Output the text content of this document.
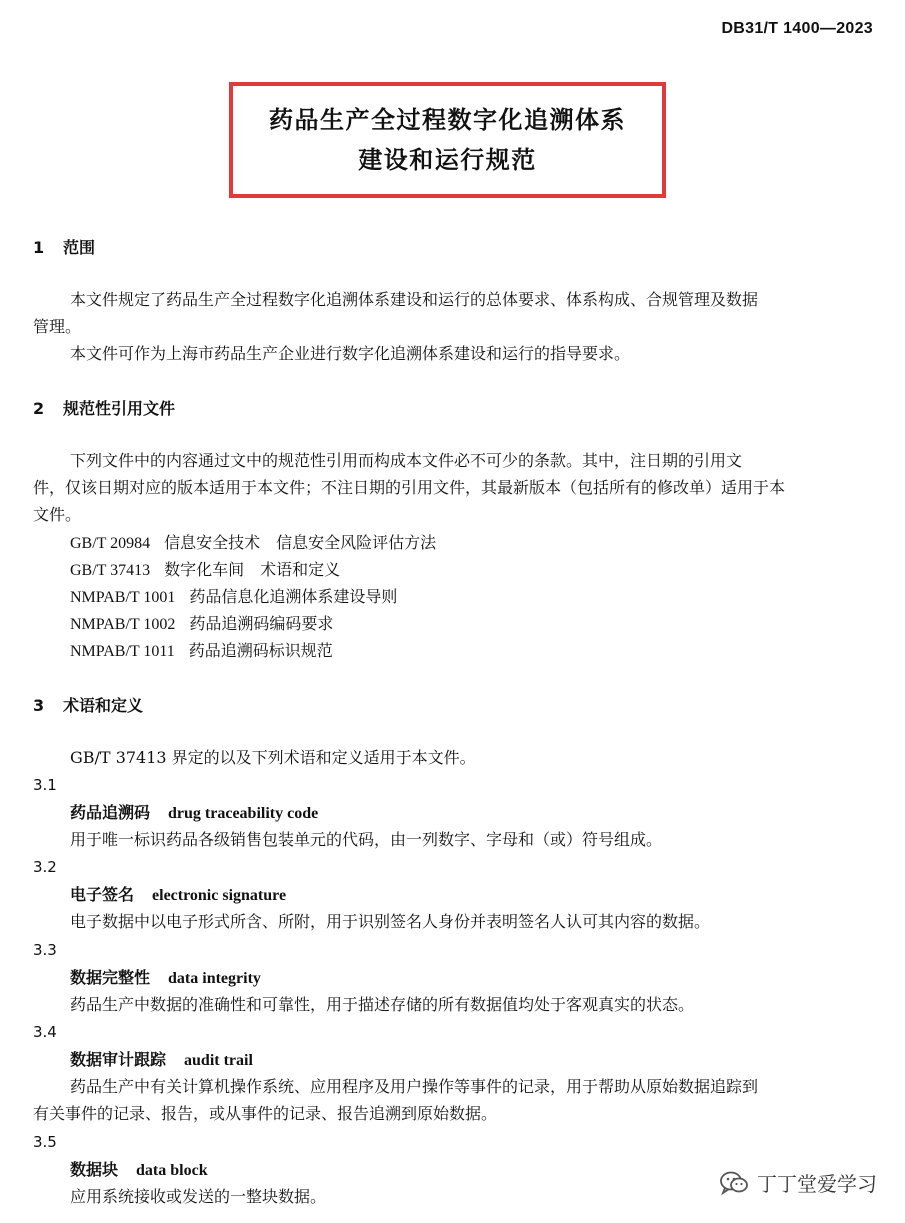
DB31/T 1400—2023
药品生产全过程数字化追溯体系
建设和运行规范
1 范围
本文件规定了药品生产全过程数字化追溯体系建设和运行的总体要求、体系构成、合规管理及数据
管理。
本文件可作为上海市药品生产企业进行数字化追溯体系建设和运行的指导要求。
2 规范性引用文件
下列文件中的内容通过文中的规范性引用而构成本文件必不可少的条款。其中，注日期的引用文
件，仅该日期对应的版本适用于本文件；不注日期的引用文件，其最新版本（包括所有的修改单）适用于本
文件。
GB/T 20984 信息安全技术　信息安全风险评估方法
GB/T 37413 数字化车间　术语和定义
NMPAB/T 1001 药品信息化追溯体系建设导则
NMPAB/T 1002 药品追溯码编码要求
NMPAB/T 1011 药品追溯码标识规范
3 术语和定义
GB/T 37413 界定的以及下列术语和定义适用于本文件。
3.1
药品追溯码 drug traceability code
用于唯一标识药品各级销售包装单元的代码，由一列数字、字母和（或）符号组成。
3.2
电子签名 electronic signature
电子数据中以电子形式所含、所附，用于识别签名人身份并表明签名人认可其内容的数据。
3.3
数据完整性 data integrity
药品生产中数据的准确性和可靠性，用于描述存储的所有数据值均处于客观真实的状态。
3.4
数据审计跟踪 audit trail
药品生产中有关计算机操作系统、应用程序及用户操作等事件的记录，用于帮助从原始数据追踪到
有关事件的记录、报告，或从事件的记录、报告追溯到原始数据。
3.5
数据块 data block
应用系统接收或发送的一整块数据。
丁丁堂爱学习
